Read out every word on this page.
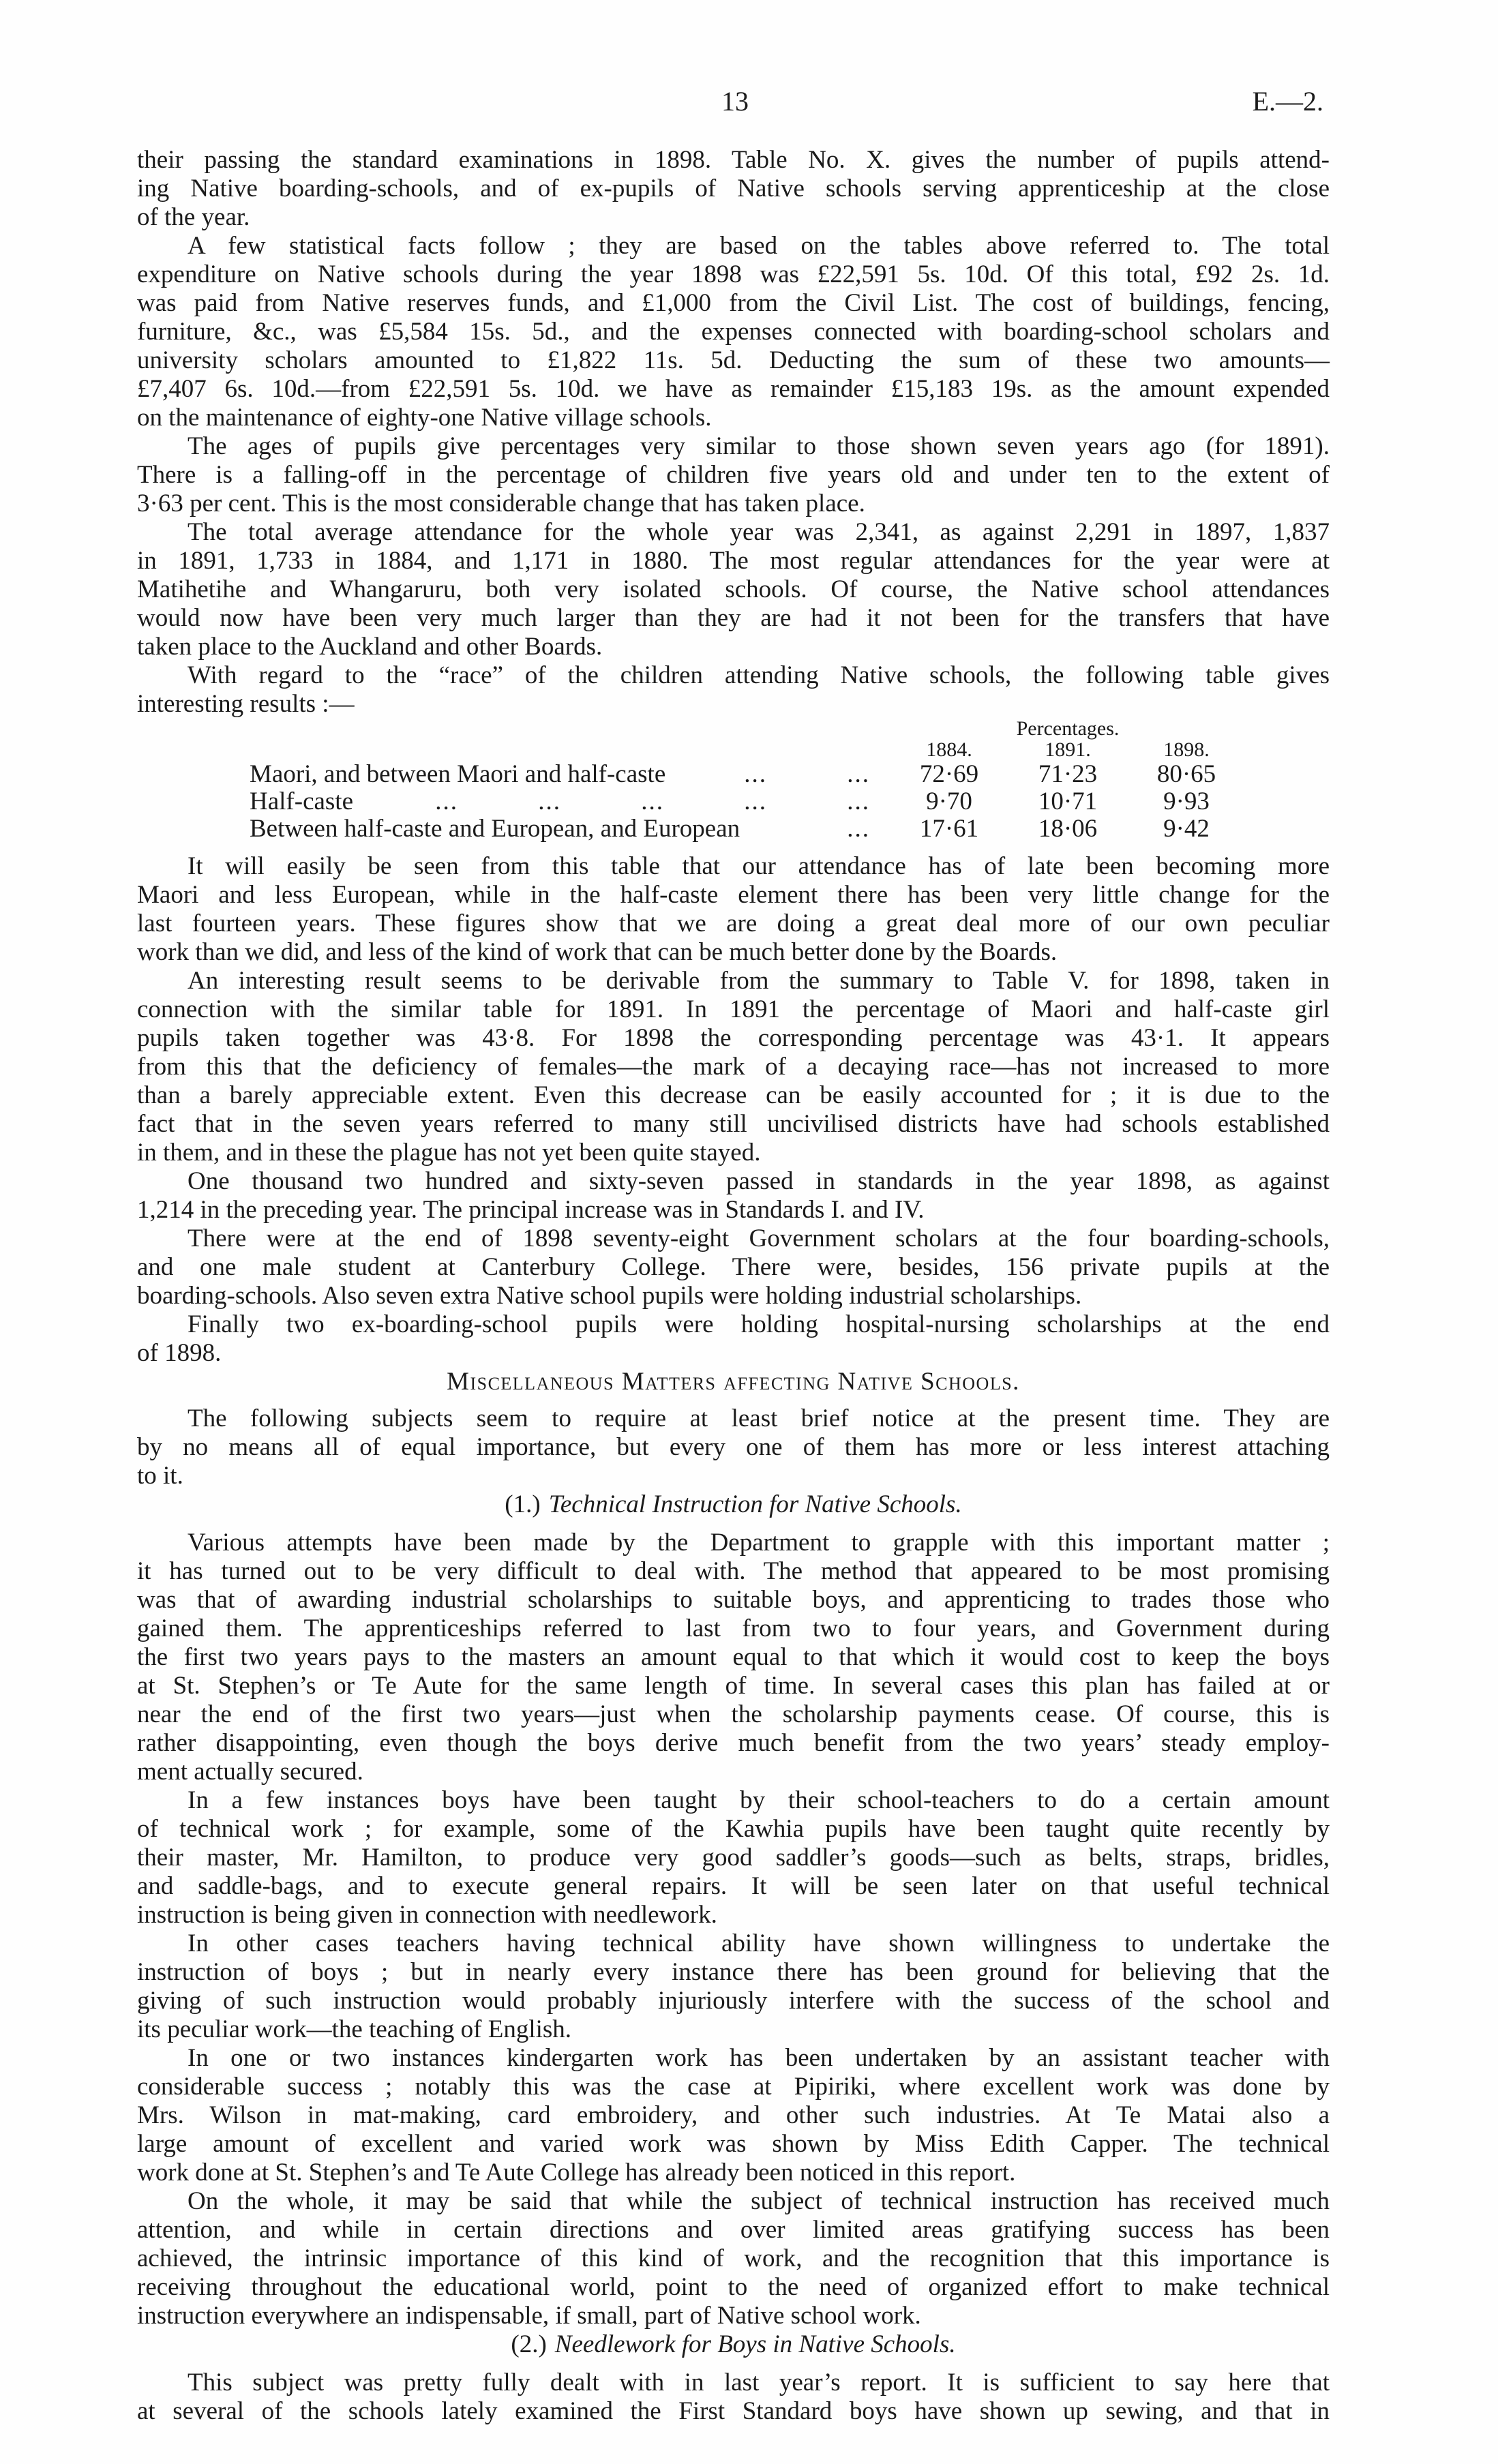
13	E.—2.
their passing the standard examinations in 1898. Table No. X. gives the number of pupils attend-
ing Native boarding-schools, and of ex-pupils of Native schools serving apprenticeship at the close
of the year.
A few statistical facts follow ; they are based on the tables above referred to. The total
expenditure on Native schools during the year 1898 was £22,591 5s. 10d. Of this total, £92 2s. 1d.
was paid from Native reserves funds, and £1,000 from the Civil List. The cost of buildings, fencing,
furniture, &c., was £5,584 15s. 5d., and the expenses connected with boarding-school scholars and
university scholars amounted to £1,822 11s. 5d. Deducting the sum of these two amounts—
£7,407 6s. 10d.—from £22,591 5s. 10d. we have as remainder £15,183 19s. as the amount expended
on the maintenance of eighty-one Native village schools.
The ages of pupils give percentages very similar to those shown seven years ago (for 1891).
There is a falling-off in the percentage of children five years old and under ten to the extent of
3·63 per cent. This is the most considerable change that has taken place.
The total average attendance for the whole year was 2,341, as against 2,291 in 1897, 1,837
in 1891, 1,733 in 1884, and 1,171 in 1880. The most regular attendances for the year were at
Matihetihe and Whangaruru, both very isolated schools. Of course, the Native school attendances
would now have been very much larger than they are had it not been for the transfers that have
taken place to the Auckland and other Boards.
With regard to the “race” of the children attending Native schools, the following table gives
interesting results :—
Percentages.
1884.	1891.	1898.
Maori, and between Maori and half-caste	... ...	72·69	71·23	80·65
Half-caste	... ... ... ... ...	9·70	10·71	9·93
Between half-caste and European, and European	...	17·61	18·06	9·42
It will easily be seen from this table that our attendance has of late been becoming more
Maori and less European, while in the half-caste element there has been very little change for the
last fourteen years. These figures show that we are doing a great deal more of our own peculiar
work than we did, and less of the kind of work that can be much better done by the Boards.
An interesting result seems to be derivable from the summary to Table V. for 1898, taken in
connection with the similar table for 1891. In 1891 the percentage of Maori and half-caste girl
pupils taken together was 43·8. For 1898 the corresponding percentage was 43·1. It appears
from this that the deficiency of females—the mark of a decaying race—has not increased to more
than a barely appreciable extent. Even this decrease can be easily accounted for ; it is due to the
fact that in the seven years referred to many still uncivilised districts have had schools established
in them, and in these the plague has not yet been quite stayed.
One thousand two hundred and sixty-seven passed in standards in the year 1898, as against
1,214 in the preceding year. The principal increase was in Standards I. and IV.
There were at the end of 1898 seventy-eight Government scholars at the four boarding-schools,
and one male student at Canterbury College. There were, besides, 156 private pupils at the
boarding-schools. Also seven extra Native school pupils were holding industrial scholarships.
Finally two ex-boarding-school pupils were holding hospital-nursing scholarships at the end
of 1898.
Miscellaneous Matters affecting Native Schools.
The following subjects seem to require at least brief notice at the present time. They are
by no means all of equal importance, but every one of them has more or less interest attaching
to it.
(1.) Technical Instruction for Native Schools.
Various attempts have been made by the Department to grapple with this important matter ;
it has turned out to be very difficult to deal with. The method that appeared to be most promising
was that of awarding industrial scholarships to suitable boys, and apprenticing to trades those who
gained them. The apprenticeships referred to last from two to four years, and Government during
the first two years pays to the masters an amount equal to that which it would cost to keep the boys
at St. Stephen’s or Te Aute for the same length of time. In several cases this plan has failed at or
near the end of the first two years—just when the scholarship payments cease. Of course, this is
rather disappointing, even though the boys derive much benefit from the two years’ steady employ-
ment actually secured.
In a few instances boys have been taught by their school-teachers to do a certain amount
of technical work ; for example, some of the Kawhia pupils have been taught quite recently by
their master, Mr. Hamilton, to produce very good saddler’s goods—such as belts, straps, bridles,
and saddle-bags, and to execute general repairs. It will be seen later on that useful technical
instruction is being given in connection with needlework.
In other cases teachers having technical ability have shown willingness to undertake the
instruction of boys ; but in nearly every instance there has been ground for believing that the
giving of such instruction would probably injuriously interfere with the success of the school and
its peculiar work—the teaching of English.
In one or two instances kindergarten work has been undertaken by an assistant teacher with
considerable success ; notably this was the case at Pipiriki, where excellent work was done by
Mrs. Wilson in mat-making, card embroidery, and other such industries. At Te Matai also a
large amount of excellent and varied work was shown by Miss Edith Capper. The technical
work done at St. Stephen’s and Te Aute College has already been noticed in this report.
On the whole, it may be said that while the subject of technical instruction has received much
attention, and while in certain directions and over limited areas gratifying success has been
achieved, the intrinsic importance of this kind of work, and the recognition that this importance is
receiving throughout the educational world, point to the need of organized effort to make technical
instruction everywhere an indispensable, if small, part of Native school work.
(2.) Needlework for Boys in Native Schools.
This subject was pretty fully dealt with in last year’s report. It is sufficient to say here that
at several of the schools lately examined the First Standard boys have shown up sewing, and that in
